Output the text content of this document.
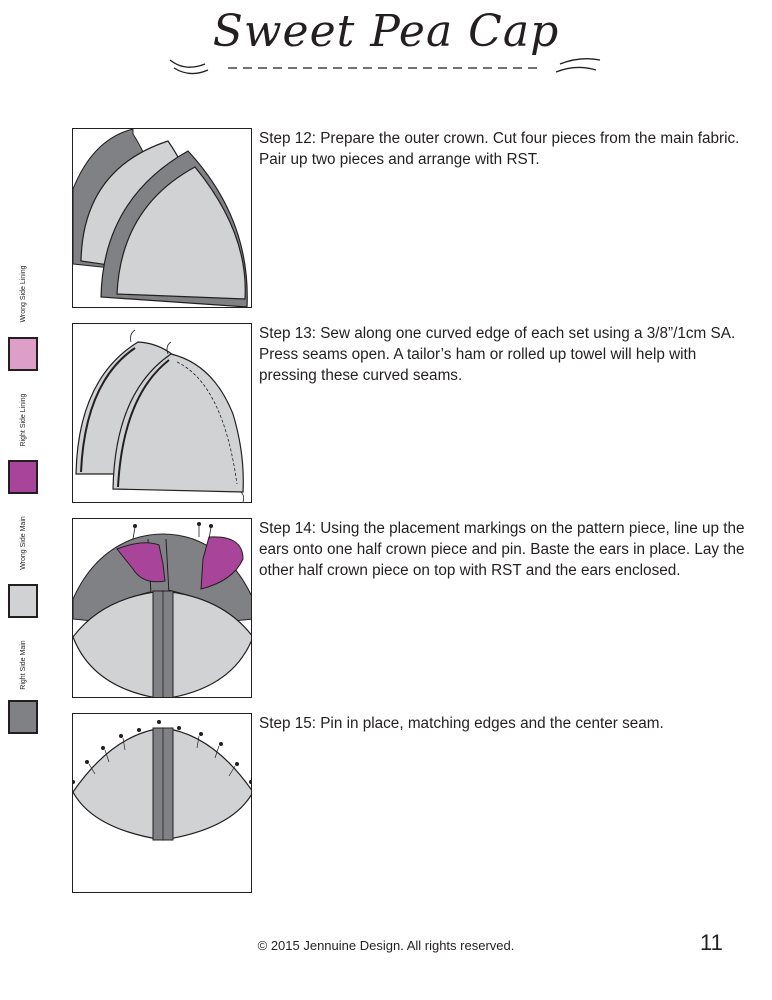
Sweet Pea Cap
Wrong Side Lining
Right Side Lining
Wrong Side Main
Right Side Main
Step 12: Prepare the outer crown. Cut four pieces from the main fabric. Pair up two pieces and arrange with RST.
Step 13: Sew along one curved edge of each set using a 3/8”/1cm SA. Press seams open. A tailor’s ham or rolled up towel will help with pressing these curved seams.
Step 14: Using the placement markings on the pattern piece, line up the ears onto one half crown piece and pin. Baste the ears in place. Lay the other half crown piece on top with RST and the ears enclosed.
Step 15: Pin in place, matching edges and the center seam.
© 2015 Jennuine Design. All rights reserved.	11
